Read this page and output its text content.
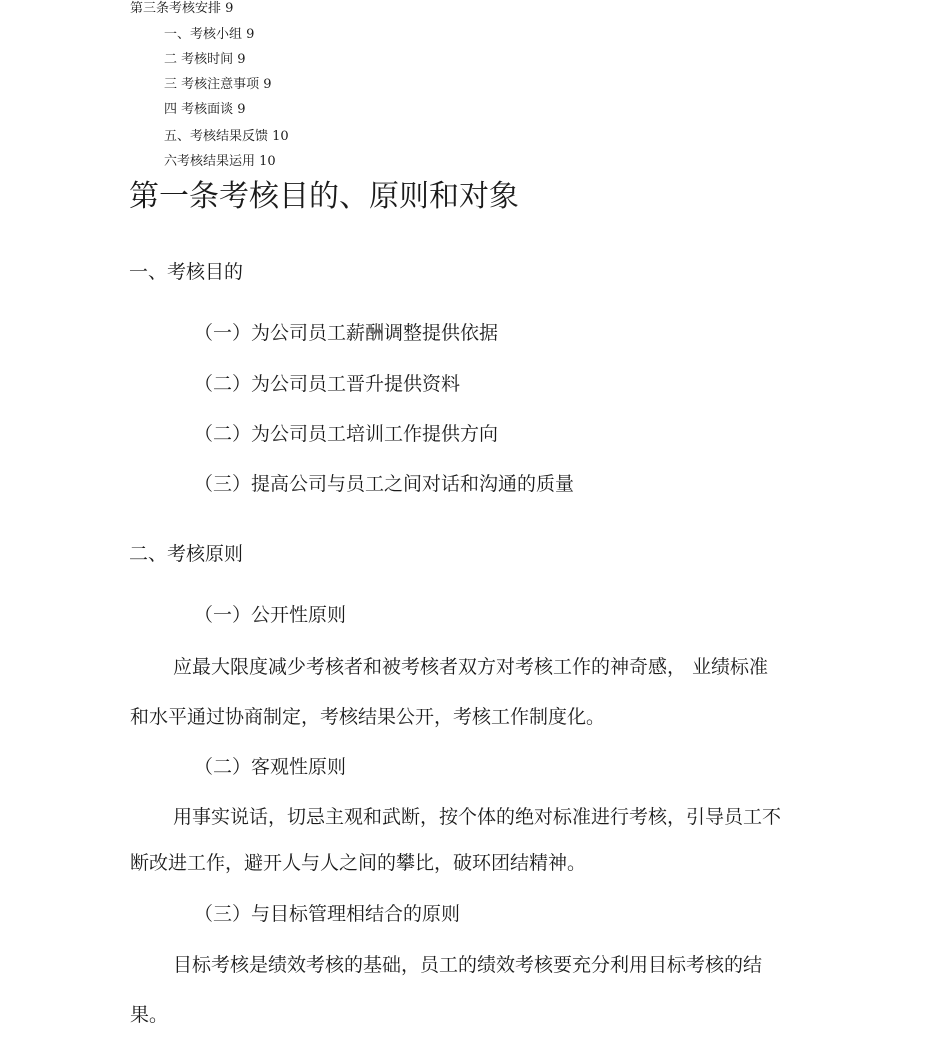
第三条考核安排 9

一、考核小组 9

二 考核时间 9

三 考核注意事项 9

四 考核面谈 9

五、考核结果反馈 10

六考核结果运用 10

第一条考核目的、原则和对象
一、考核目的

（一）为公司员工薪酬调整提供依据

（二）为公司员工晋升提供资料

（二）为公司员工培训工作提供方向

（三）提高公司与员工之间对话和沟通的质量

二、考核原则

（一）公开性原则

应最大限度减少考核者和被考核者双方对考核工作的神奇感， 业绩标准

和水平通过协商制定，考核结果公开，考核工作制度化。

（二）客观性原则

用事实说话，切忌主观和武断，按个体的绝对标准进行考核，引导员工不

断改进工作，避开人与人之间的攀比，破环团结精神。

（三）与目标管理相结合的原则

目标考核是绩效考核的基础，员工的绩效考核要充分利用目标考核的结

果。
